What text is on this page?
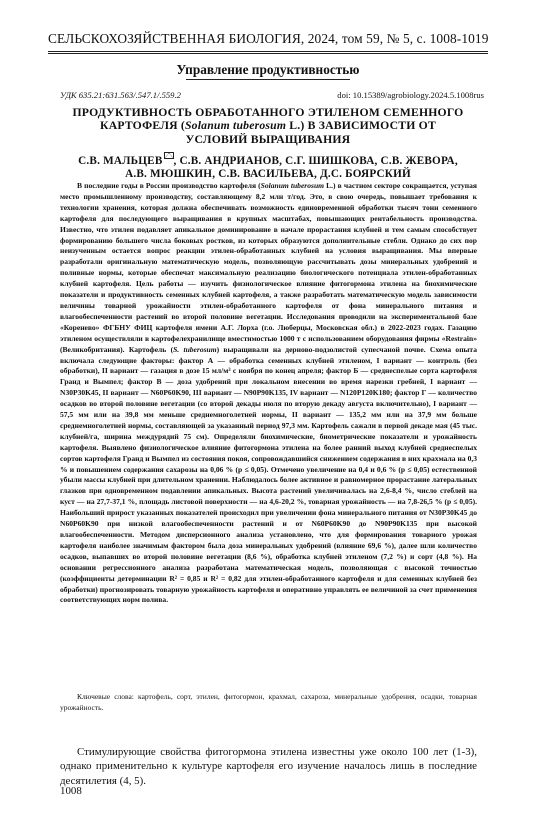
СЕЛЬСКОХОЗЯЙСТВЕННАЯ БИОЛОГИЯ, 2024, том 59, № 5, с. 1008-1019
Управление продуктивностью
УДК 635.21:631.563/.547.1/.559.2	doi: 10.15389/agrobiology.2024.5.1008rus
ПРОДУКТИВНОСТЬ ОБРАБОТАННОГО ЭТИЛЕНОМ СЕМЕННОГО КАРТОФЕЛЯ (Solanum tuberosum L.) В ЗАВИСИМОСТИ ОТ УСЛОВИЙ ВЫРАЩИВАНИЯ
С.В. МАЛЬЦЕВ , С.В. АНДРИАНОВ, С.Г. ШИШКОВА, С.В. ЖЕВОРА,
А.В. МЮШКИН, С.В. ВАСИЛЬЕВА, Д.С. БОЯРСКИЙ

В последние годы в России производство картофеля (Solanum tuberosum L.) в частном секторе сокращается, уступая место промышленному производству, составляющему 8,2 млн т/год. Это, в свою очередь, повышает требования к технологии хранения, которая должна обеспечивать возможность единовременной обработки тысяч тонн семенного картофеля для последующего выращивания в крупных масштабах, повышающих рентабельность производства. Известно, что этилен подавляет апикальное доминирование в начале прорастания клубней и тем самым способствует формированию большего числа боковых ростков, из которых образуются дополнительные стебли. Однако до сих пор неизученным остается вопрос реакции этилен-обработанных клубней на условия выращивания. Мы впервые разработали оригинальную математическую модель, позволяющую рассчитывать дозы минеральных удобрений и поливные нормы, которые обеспечат максимальную реализацию биологического потенциала этилен-обработанных клубней картофеля. Цель работы — изучить физиологическое влияние фитогормона этилена на биохимические показатели и продуктивность семенных клубней картофеля, а также разработать математическую модель зависимости величины товарной урожайности этилен-обработанного картофеля от фона минерального питания и влагообеспеченности растений во второй половине вегетации. Исследования проводили на экспериментальной базе «Коренево» ФГБНУ ФИЦ картофеля имени А.Г. Лорха (г.о. Люберцы, Московская обл.) в 2022-2023 годах. Газацию этиленом осуществляли в картофелехранилище вместимостью 1000 т с использованием оборудования фирмы «Restrain» (Великобритания). Картофель (S. tuberosum) выращивали на дерново-подзолистой супесчаной почве. Схема опыта включала следующие факторы: фактор А — обработка семенных клубней этиленом, I вариант — контроль (без обработки), II вариант — газация в дозе 15 мл/м³ с ноября по конец апреля; фактор Б — среднеспелые сорта картофеля Гранд и Вымпел; фактор В — доза удобрений при локальном внесении во время нарезки гребней, I вариант — N30P30K45, II вариант — N60P60K90, III вариант — N90P90K135, IV вариант — N120P120K180; фактор Г — количество осадков во второй половине вегетации (со второй декады июля по вторую декаду августа включительно), I вариант — 57,5 мм или на 39,8 мм меньше среднемноголетней нормы, II вариант — 135,2 мм или на 37,9 мм больше среднемноголетней нормы, составляющей за указанный период 97,3 мм. Картофель сажали в первой декаде мая (45 тыс. клубней/га, ширина междурядий 75 см). Определяли биохимические, биометрические показатели и урожайность картофеля. Выявлено физиологическое влияние фитогормона этилена на более ранний выход клубней среднеспелых сортов картофеля Гранд и Вымпел из состояния покоя, сопровождавшийся снижением содержания в них крахмала на 0,3 % и повышением содержания сахарозы на 0,06 % (р ≤ 0,05). Отмечено увеличение на 0,4 и 0,6 % (р ≤ 0,05) естественной убыли массы клубней при длительном хранении. Наблюдалось более активное и равномерное прорастание латеральных глазков при одновременном подавлении апикальных. Высота растений увеличивалась на 2,6-8,4 %, число стеблей на куст — на 27,7-37,1 %, площадь листовой поверхности — на 4,6-20,2 %, товарная урожайность — на 7,8-26,5 % (р ≤ 0,05). Наибольший прирост указанных показателей происходил при увеличении фона минерального питания от N30P30K45 до N60P60K90 при низкой влагообеспеченности растений и от N60P60K90 до N90P90K135 при высокой влагообеспеченности. Методом дисперсионного анализа установлено, что для формирования товарного урожая картофеля наиболее значимым фактором была доза минеральных удобрений (влияние 69,6 %), далее шли количество осадков, выпавших во второй половине вегетации (8,6 %), обработка клубней этиленом (7,2 %) и сорт (4,8 %). На основании регрессионного анализа разработана математическая модель, позволяющая с высокой точностью (коэффициенты детерминации R² = 0,85 и R² = 0,82 для этилен-обработанного картофеля и для семенных клубней без обработки) прогнозировать товарную урожайность картофеля и оперативно управлять ее величиной за счет применения соответствующих норм полива.

Ключевые слова: картофель, сорт, этилен, фитогормон, крахмал, сахароза, минеральные удобрения, осадки, товарная урожайность.

Стимулирующие свойства фитогормона этилена известны уже около 100 лет (1-3), однако применительно к культуре картофеля его изучение началось лишь в последние десятилетия (4, 5).

1008
